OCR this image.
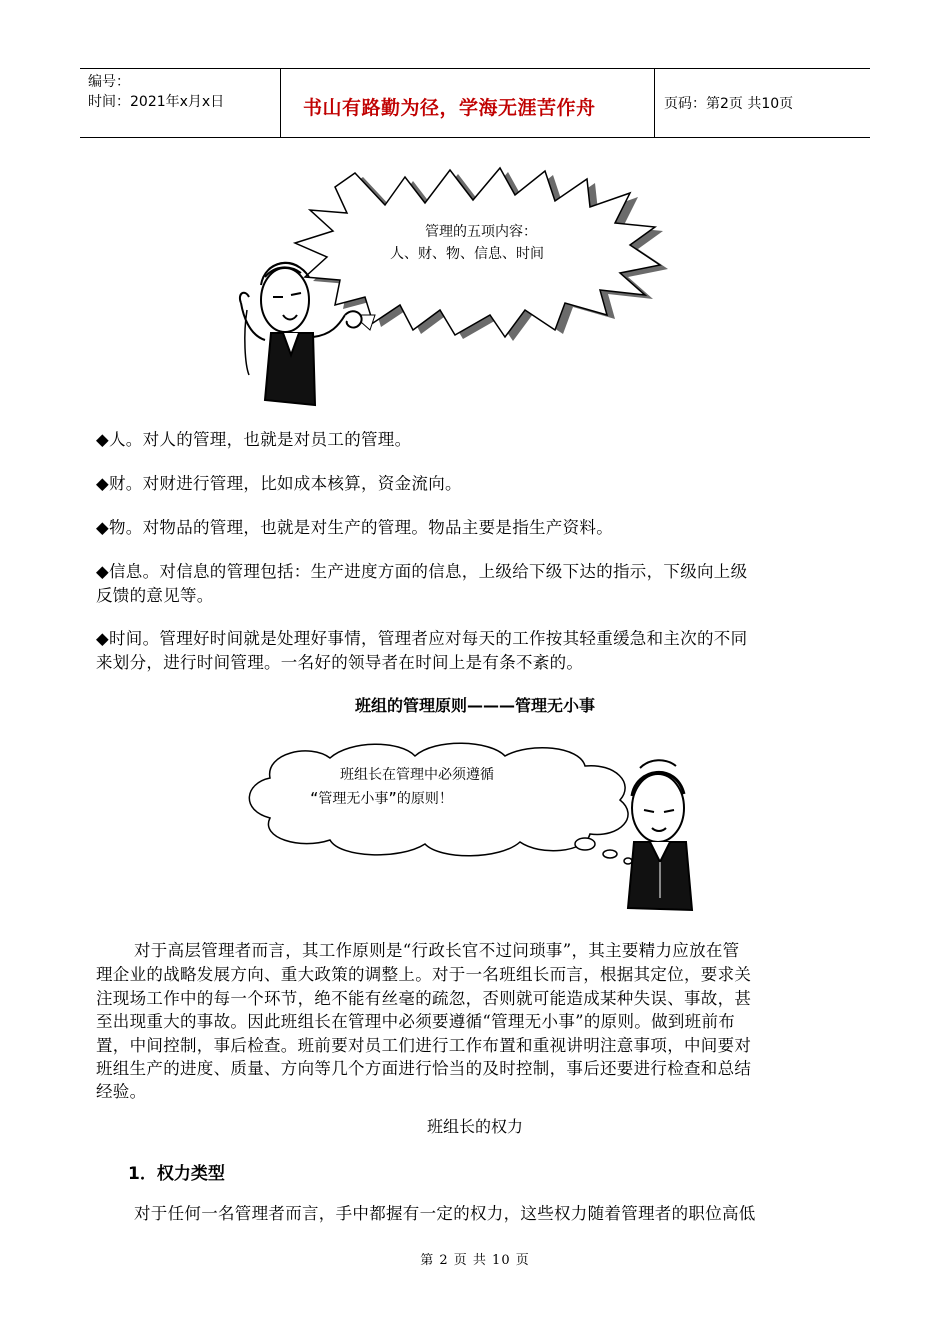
编号：
时间：2021年x月x日	书山有路勤为径，学海无涯苦作舟	页码：第2页 共10页
管理的五项内容：
人、财、物、信息、时间
◆人。对人的管理，也就是对员工的管理。
◆财。对财进行管理，比如成本核算，资金流向。
◆物。对物品的管理，也就是对生产的管理。物品主要是指生产资料。
◆信息。对信息的管理包括：生产进度方面的信息，上级给下级下达的指示，下级向上级
反馈的意见等。
◆时间。管理好时间就是处理好事情，管理者应对每天的工作按其轻重缓急和主次的不同
来划分，进行时间管理。一名好的领导者在时间上是有条不紊的。
班组的管理原则———管理无小事
班组长在管理中必须遵循
“管理无小事”的原则！
对于高层管理者而言，其工作原则是“行政长官不过问琐事”，其主要精力应放在管
理企业的战略发展方向、重大政策的调整上。对于一名班组长而言，根据其定位，要求关
注现场工作中的每一个环节，绝不能有丝毫的疏忽，否则就可能造成某种失误、事故，甚
至出现重大的事故。因此班组长在管理中必须要遵循“管理无小事”的原则。做到班前布
置，中间控制，事后检查。班前要对员工们进行工作布置和重视讲明注意事项，中间要对
班组生产的进度、质量、方向等几个方面进行恰当的及时控制，事后还要进行检查和总结
经验。
班组长的权力
1．权力类型
对于任何一名管理者而言，手中都握有一定的权力，这些权力随着管理者的职位高低
第 2 页 共 10 页
